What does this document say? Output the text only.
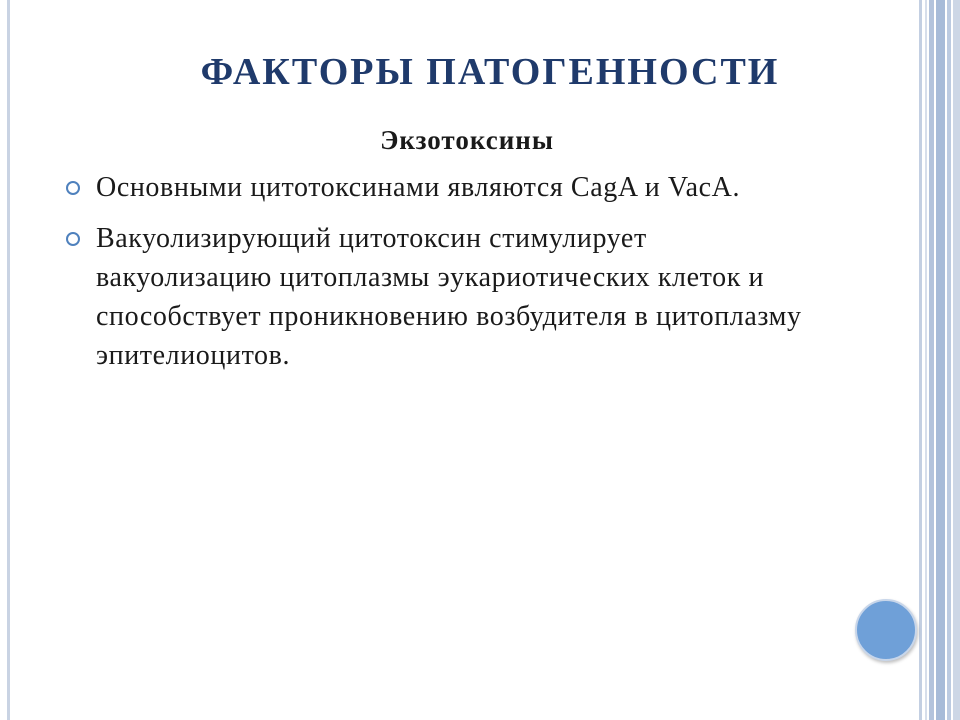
ФАКТОРЫ ПАТОГЕННОСТИ
Экзотоксины
Основными цитотоксинами являются CagA и VacA.
Вакуолизирующий цитотоксин стимулирует вакуолизацию цитоплазмы эукариотических клеток и способствует проникновению возбудителя в цитоплазму эпителиоцитов.
